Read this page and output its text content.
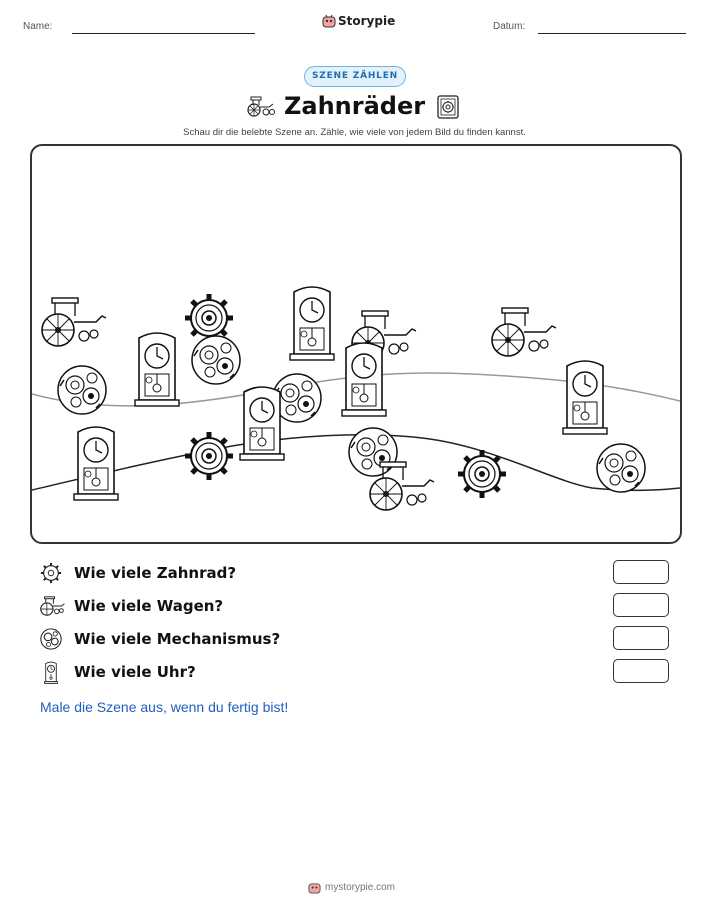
Name:	Storypie	Datum:
SZENE ZÄHLEN
Zahnräder
Schau dir die belebte Szene an. Zähle, wie viele von jedem Bild du finden kannst.
Wie viele Zahnrad?
Wie viele Wagen?
Wie viele Mechanismus?
Wie viele Uhr?
Male die Szene aus, wenn du fertig bist!
mystorypie.com
